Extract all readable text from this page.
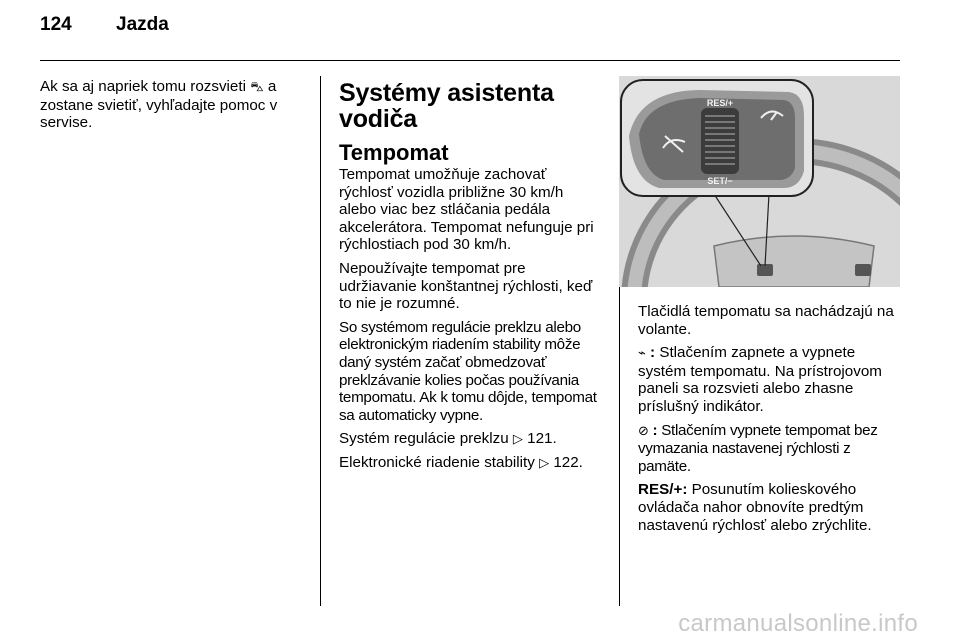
124 Jazda

Ak sa aj napriek tomu rozsvieti ⛍ a zostane svietiť, vyhľadajte pomoc v servise.

Systémy asistenta vodiča
Tempomat

Tempomat umožňuje zachovať rýchlosť vozidla približne 30 km/h alebo viac bez stláčania pedála akcelerátora. Tempomat nefunguje pri rýchlostiach pod 30 km/h.

Nepoužívajte tempomat pre udržiavanie konštantnej rýchlosti, keď to nie je rozumné.

So systémom regulácie preklzu alebo elektronickým riadením stability môže daný systém začať obmedzovať preklzávanie kolies počas používania tempomatu. Ak k tomu dôjde, tempomat sa automaticky vypne.

Systém regulácie preklzu ▷ 121.

Elektronické riadenie stability ▷ 122.

RES/+
SET/−

Tlačidlá tempomatu sa nachádzajú na volante.

⌁ : Stlačením zapnete a vypnete systém tempomatu. Na prístrojovom paneli sa rozsvieti alebo zhasne príslušný indikátor.

⊘ : Stlačením vypnete tempomat bez vymazania nastavenej rýchlosti z pamäte.

RES/+: Posunutím kolieskového ovládača nahor obnovíte predtým nastavenú rýchlosť alebo zrýchlite.

carmanualsonline.info
